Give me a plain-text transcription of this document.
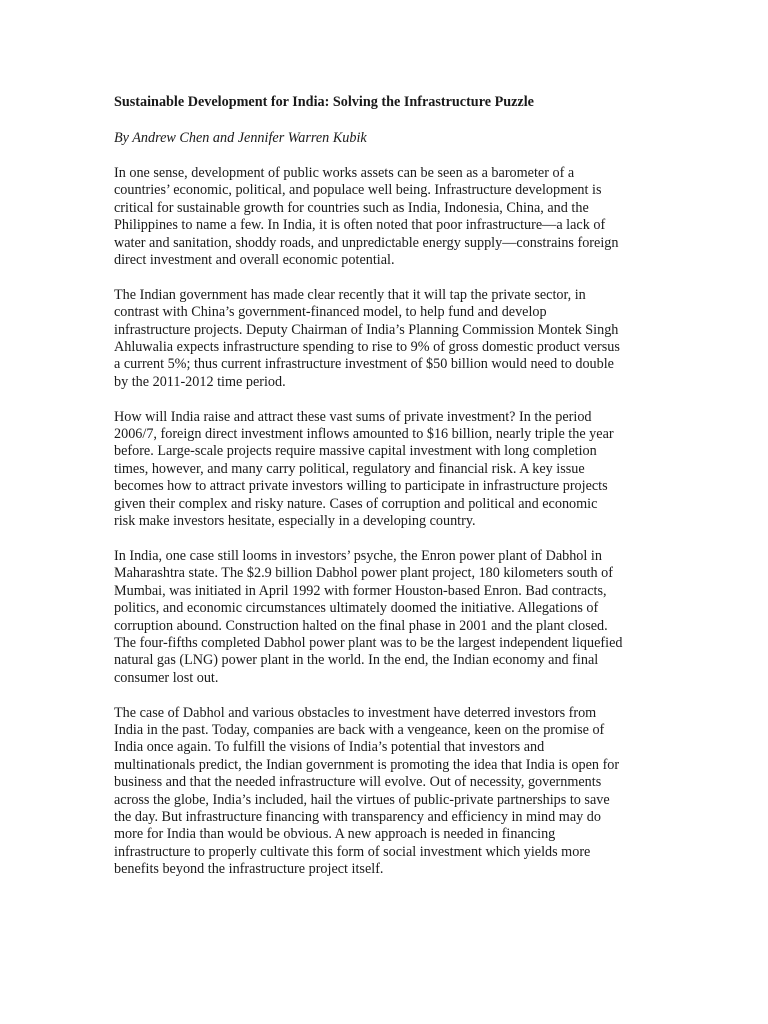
Sustainable Development for India: Solving the Infrastructure Puzzle
By Andrew Chen and Jennifer Warren Kubik
In one sense, development of public works assets can be seen as a barometer of a
countries’ economic, political, and populace well being. Infrastructure development is
critical for sustainable growth for countries such as India, Indonesia, China, and the
Philippines to name a few. In India, it is often noted that poor infrastructure—a lack of
water and sanitation, shoddy roads, and unpredictable energy supply—constrains foreign
direct investment and overall economic potential.
The Indian government has made clear recently that it will tap the private sector, in
contrast with China’s government-financed model, to help fund and develop
infrastructure projects. Deputy Chairman of India’s Planning Commission Montek Singh
Ahluwalia expects infrastructure spending to rise to 9% of gross domestic product versus
a current 5%; thus current infrastructure investment of $50 billion would need to double
by the 2011-2012 time period.
How will India raise and attract these vast sums of private investment? In the period
2006/7, foreign direct investment inflows amounted to $16 billion, nearly triple the year
before. Large-scale projects require massive capital investment with long completion
times, however, and many carry political, regulatory and financial risk. A key issue
becomes how to attract private investors willing to participate in infrastructure projects
given their complex and risky nature. Cases of corruption and political and economic
risk make investors hesitate, especially in a developing country.
In India, one case still looms in investors’ psyche, the Enron power plant of Dabhol in
Maharashtra state. The $2.9 billion Dabhol power plant project, 180 kilometers south of
Mumbai, was initiated in April 1992 with former Houston-based Enron. Bad contracts,
politics, and economic circumstances ultimately doomed the initiative. Allegations of
corruption abound. Construction halted on the final phase in 2001 and the plant closed.
The four-fifths completed Dabhol power plant was to be the largest independent liquefied
natural gas (LNG) power plant in the world. In the end, the Indian economy and final
consumer lost out.
The case of Dabhol and various obstacles to investment have deterred investors from
India in the past. Today, companies are back with a vengeance, keen on the promise of
India once again. To fulfill the visions of India’s potential that investors and
multinationals predict, the Indian government is promoting the idea that India is open for
business and that the needed infrastructure will evolve. Out of necessity, governments
across the globe, India’s included, hail the virtues of public-private partnerships to save
the day. But infrastructure financing with transparency and efficiency in mind may do
more for India than would be obvious. A new approach is needed in financing
infrastructure to properly cultivate this form of social investment which yields more
benefits beyond the infrastructure project itself.
